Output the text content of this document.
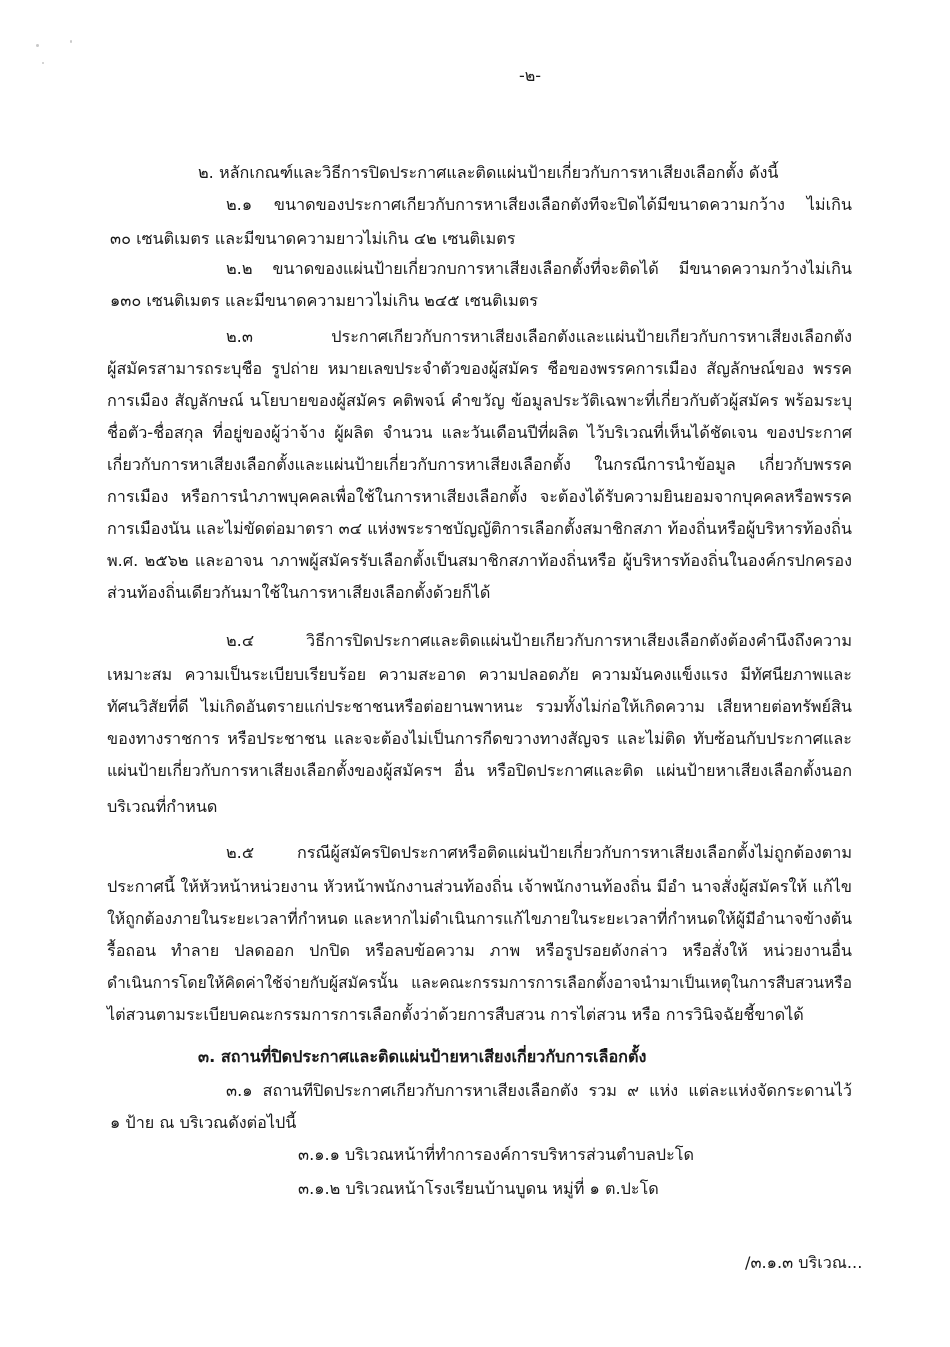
-๒-
๒. หลักเกณฑ์และวิธีการปิดประกาศและติดแผ่นป้ายเกี่ยวกับการหาเสียงเลือกตั้ง ดังนี้
๒.๑ ขนาดของประกาศเกียวกับการหาเสียงเลือกตังทีจะปิดได้มีขนาดความกว้าง ไม่เกิน
๓๐ เซนติเมตร และมีขนาดความยาวไม่เกิน ๔๒ เซนติเมตร
๒.๒ ขนาดของแผ่นป้ายเกี่ยวกบการหาเสียงเลือกตั้งที่จะติดได้ มีขนาดความกว้างไม่เกิน
๑๓๐ เซนติเมตร และมีขนาดความยาวไม่เกิน ๒๔๕ เซนติเมตร
๒.๓ ประกาศเกียวกับการหาเสียงเลือกตังและแผ่นป้ายเกียวกับการหาเสียงเลือกตัง
ผู้สมัครสามารถระบุชือ รูปถ่าย หมายเลขประจำตัวของผู้สมัคร ชือของพรรคการเมือง สัญลักษณ์ของ พรรค
การเมือง สัญลักษณ์ นโยบายของผู้สมัคร คติพจน์ คำขวัญ ข้อมูลประวัติเฉพาะที่เกี่ยวกับตัวผู้สมัคร พร้อมระบุ
ชื่อตัว-ชื่อสกุล ที่อยู่ของผู้ว่าจ้าง ผู้ผลิต จำนวน และวันเดือนปีที่ผลิต ไว้บริเวณที่เห็นได้ชัดเจน ของประกาศ
เกี่ยวกับการหาเสียงเลือกตั้งและแผ่นป้ายเกี่ยวกับการหาเสียงเลือกตั้ง ในกรณีการนำข้อมูล เกี่ยวกับพรรค
การเมือง หรือการนำภาพบุคคลเพื่อใช้ในการหาเสียงเลือกตั้ง จะต้องได้รับความยินยอมจากบุคคลหรือพรรค
การเมืองนัน และไม่ขัดต่อมาตรา ๓๔ แห่งพระราชบัญญัติการเลือกตั้งสมาชิกสภา ท้องถิ่นหรือผู้บริหารท้องถิ่น
พ.ศ. ๒๕๖๒ และอาจน าภาพผู้สมัครรับเลือกตั้งเป็นสมาชิกสภาท้องถิ่นหรือ ผู้บริหารท้องถิ่นในองค์กรปกครอง
ส่วนท้องถิ่นเดียวกันมาใช้ในการหาเสียงเลือกตั้งด้วยก็ได้
๒.๔ วิธีการปิดประกาศและติดแผ่นป้ายเกียวกับการหาเสียงเลือกตังต้องคำนึงถึงความ
เหมาะสม ความเป็นระเบียบเรียบร้อย ความสะอาด ความปลอดภัย ความมันคงแข็งแรง มีทัศนียภาพและ
ทัศนวิสัยที่ดี ไม่เกิดอันตรายแก่ประชาชนหรือต่อยานพาหนะ รวมทั้งไม่ก่อให้เกิดความ เสียหายต่อทรัพย์สิน
ของทางราชการ หรือประชาชน และจะต้องไม่เป็นการกีดขวางทางสัญจร และไม่ติด ทับซ้อนกับประกาศและ
แผ่นป้ายเกี่ยวกับการหาเสียงเลือกตั้งของผู้สมัครฯ อื่น หรือปิดประกาศและติด แผ่นป้ายหาเสียงเลือกตั้งนอก
บริเวณที่กำหนด
๒.๕ กรณีผู้สมัครปิดประกาศหรือติดแผ่นป้ายเกี่ยวกับการหาเสียงเลือกตั้งไม่ถูกต้องตาม
ประกาศนี้ ให้หัวหน้าหน่วยงาน หัวหน้าพนักงานส่วนท้องถิ่น เจ้าพนักงานท้องถิ่น มีอำ นาจสั่งผู้สมัครให้ แก้ไข
ให้ถูกต้องภายในระยะเวลาที่กำหนด และหากไม่ดำเนินการแก้ไขภายในระยะเวลาที่กำหนดให้ผู้มีอำนาจข้างต้น
รื้อถอน ทำลาย ปลดออก ปกปิด หรือลบข้อความ ภาพ หรือรูปรอยดังกล่าว หรือสั่งให้ หน่วยงานอื่น
ดำเนินการโดยให้คิดค่าใช้จ่ายกับผู้สมัครนั้น และคณะกรรมการการเลือกตั้งอาจนำมาเป็นเหตุในการสืบสวนหรือ
ไต่สวนตามระเบียบคณะกรรมการการเลือกตั้งว่าด้วยการสืบสวน การไต่สวน หรือ การวินิจฉัยชี้ขาดได้
๓. สถานที่ปิดประกาศและติดแผ่นป้ายหาเสียงเกี่ยวกับการเลือกตั้ง
๓.๑ สถานทีปิดประกาศเกียวกับการหาเสียงเลือกตัง รวม ๙ แห่ง แต่ละแห่งจัดกระดานไว้
๑ ป้าย ณ บริเวณดังต่อไปนี้
๓.๑.๑ บริเวณหน้าที่ทำการองค์การบริหารส่วนตำบลปะโด
๓.๑.๒ บริเวณหน้าโรงเรียนบ้านบูดน หมู่ที่ ๑ ต.ปะโด
/๓.๑.๓ บริเวณ...
